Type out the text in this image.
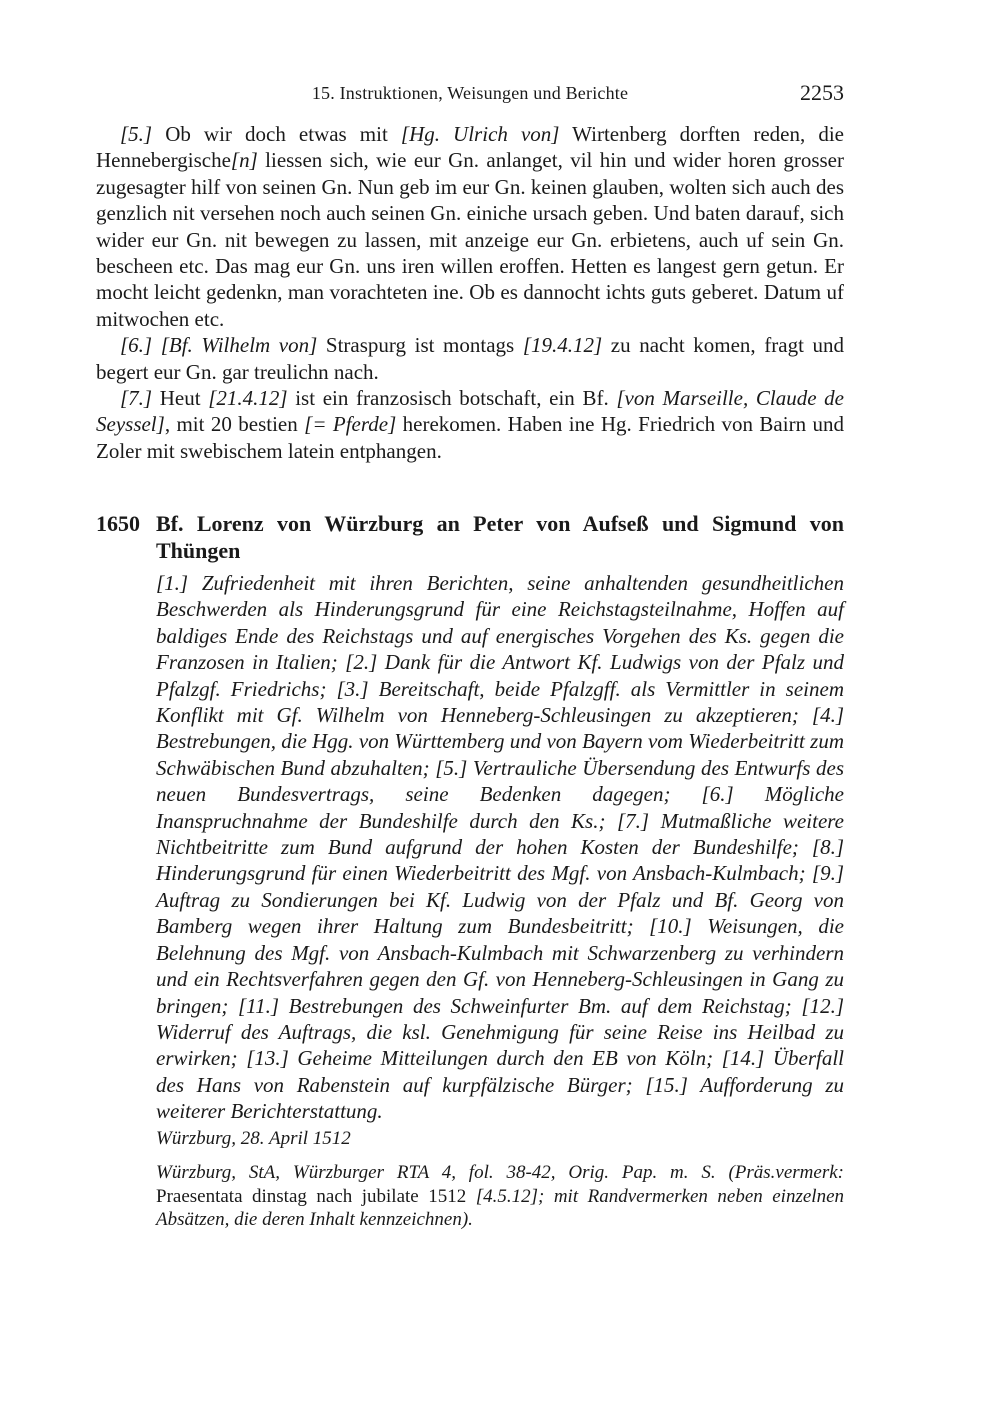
15. Instruktionen, Weisungen und Berichte	2253

[5.] Ob wir doch etwas mit [Hg. Ulrich von] Wirtenberg dorften reden, die Hennebergische[n] liessen sich, wie eur Gn. anlanget, vil hin und wider horen grosser zugesagter hilf von seinen Gn. Nun geb im eur Gn. keinen glauben, wolten sich auch des genzlich nit versehen noch auch seinen Gn. einiche ursach geben. Und baten darauf, sich wider eur Gn. nit bewegen zu lassen, mit anzeige eur Gn. erbietens, auch uf sein Gn. bescheen etc. Das mag eur Gn. uns iren willen eroffen. Hetten es langest gern getun. Er mocht leicht gedenkn, man vorachteten ine. Ob es dannocht ichts guts geberet. Datum uf mitwochen etc.

[6.] [Bf. Wilhelm von] Straspurg ist montags [19.4.12] zu nacht komen, fragt und begert eur Gn. gar treulichn nach.

[7.] Heut [21.4.12] ist ein franzosisch botschaft, ein Bf. [von Marseille, Claude de Seyssel], mit 20 bestien [= Pferde] herekomen. Haben ine Hg. Friedrich von Bairn und Zoler mit swebischem latein entphangen.

1650 Bf. Lorenz von Würzburg an Peter von Aufseß und Sigmund von Thüngen
[1.] Zufriedenheit mit ihren Berichten, seine anhaltenden gesundheitlichen Beschwerden als Hinderungsgrund für eine Reichstagsteilnahme, Hoffen auf baldiges Ende des Reichstags und auf energisches Vorgehen des Ks. gegen die Franzosen in Italien; [2.] Dank für die Antwort Kf. Ludwigs von der Pfalz und Pfalzgf. Friedrichs; [3.] Bereitschaft, beide Pfalzgff. als Vermittler in seinem Konflikt mit Gf. Wilhelm von Henneberg-Schleusingen zu akzeptieren; [4.] Bestrebungen, die Hgg. von Württemberg und von Bayern vom Wiederbeitritt zum Schwäbischen Bund abzuhalten; [5.] Vertrauliche Übersendung des Entwurfs des neuen Bundesvertrags, seine Bedenken dagegen; [6.] Mögliche Inanspruchnahme der Bundeshilfe durch den Ks.; [7.] Mutmaßliche weitere Nichtbeitritte zum Bund aufgrund der hohen Kosten der Bundeshilfe; [8.] Hinderungsgrund für einen Wiederbeitritt des Mgf. von Ansbach-Kulmbach; [9.] Auftrag zu Sondierungen bei Kf. Ludwig von der Pfalz und Bf. Georg von Bamberg wegen ihrer Haltung zum Bundesbeitritt; [10.] Weisungen, die Belehnung des Mgf. von Ansbach-Kulmbach mit Schwarzenberg zu verhindern und ein Rechtsverfahren gegen den Gf. von Henneberg-Schleusingen in Gang zu bringen; [11.] Bestrebungen des Schweinfurter Bm. auf dem Reichstag; [12.] Widerruf des Auftrags, die ksl. Genehmigung für seine Reise ins Heilbad zu erwirken; [13.] Geheime Mitteilungen durch den EB von Köln; [14.] Überfall des Hans von Rabenstein auf kurpfälzische Bürger; [15.] Aufforderung zu weiterer Berichterstattung.
Würzburg, 28. April 1512
Würzburg, StA, Würzburger RTA 4, fol. 38-42, Orig. Pap. m. S. (Präs.vermerk: Praesentata dinstag nach jubilate 1512 [4.5.12]; mit Randvermerken neben einzelnen Absätzen, die deren Inhalt kennzeichnen).
